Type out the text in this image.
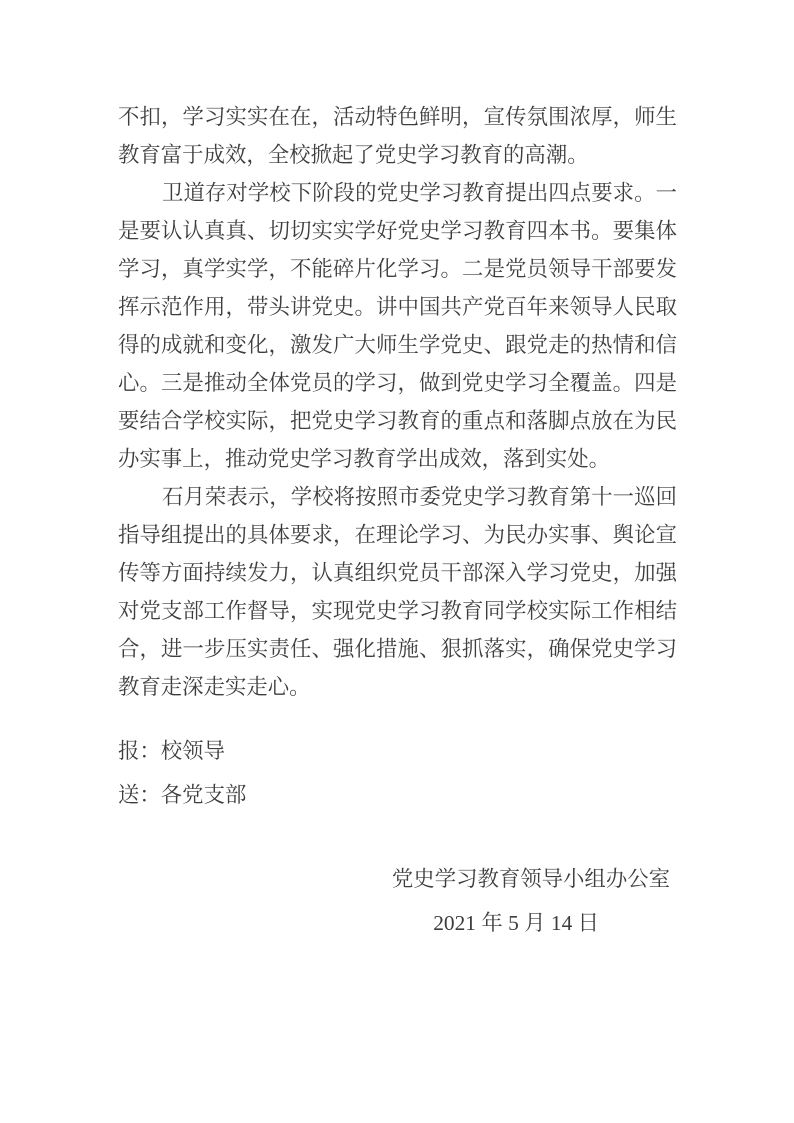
不扣，学习实实在在，活动特色鲜明，宣传氛围浓厚，师生教育富于成效，全校掀起了党史学习教育的高潮。

卫道存对学校下阶段的党史学习教育提出四点要求。一是要认认真真、切切实实学好党史学习教育四本书。要集体学习，真学实学，不能碎片化学习。二是党员领导干部要发挥示范作用，带头讲党史。讲中国共产党百年来领导人民取得的成就和变化，激发广大师生学党史、跟党走的热情和信心。三是推动全体党员的学习，做到党史学习全覆盖。四是要结合学校实际，把党史学习教育的重点和落脚点放在为民办实事上，推动党史学习教育学出成效，落到实处。

石月荣表示，学校将按照市委党史学习教育第十一巡回指导组提出的具体要求，在理论学习、为民办实事、舆论宣传等方面持续发力，认真组织党员干部深入学习党史，加强对党支部工作督导，实现党史学习教育同学校实际工作相结合，进一步压实责任、强化措施、狠抓落实，确保党史学习教育走深走实走心。

报：校领导

送：各党支部

党史学习教育领导小组办公室

2021 年 5 月 14 日
